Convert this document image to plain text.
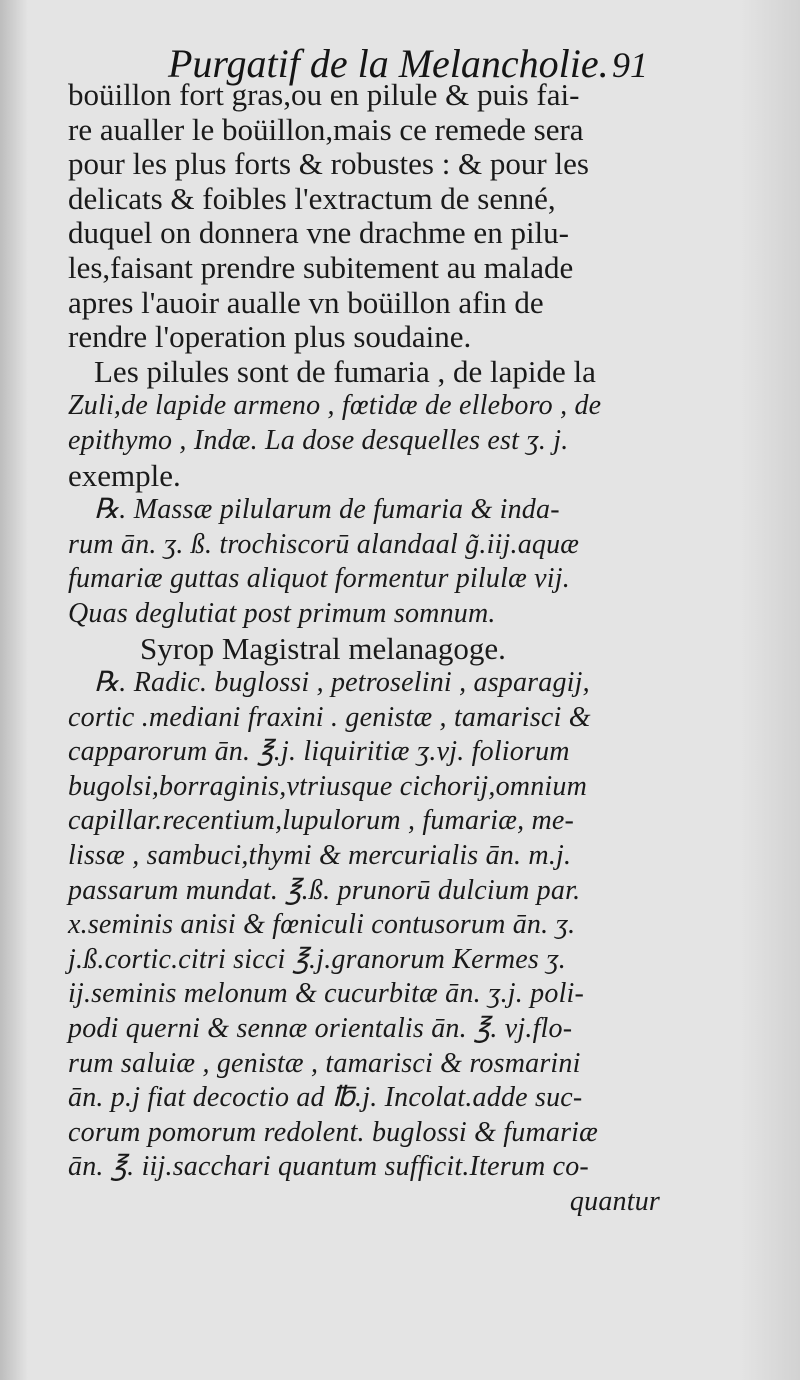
Purgatif de la Melancholie. 91
boüillon fort gras,ou en pilule & puis fai-
re aualler le boüillon,mais ce remede sera
pour les plus forts & robustes : & pour les
delicats & foibles l'extractum de senné,
duquel on donnera vne drachme en pilu-
les,faisant prendre subitement au malade
apres l'auoir aualle vn boüillon afin de
rendre l'operation plus soudaine.
Les pilules sont de fumaria , de lapide la
Zuli,de lapide armeno , fœtidæ de elleboro , de
epithymo , Indæ. La dose desquelles est ʒ. j.
exemple.
℞. Massæ pilularum de fumaria & inda-
rum ān. ʒ. ß. trochiscorū alandaal g̃.iij.aquæ
fumariæ guttas aliquot formentur pilulæ vij.
Quas deglutiat post primum somnum.
Syrop Magistral melanagoge.
℞. Radic. buglossi , petroselini , asparagij,
cortic .mediani fraxini . genistæ , tamarisci &
capparorum ān. ℥.j. liquiritiæ ʒ.vj. foliorum
bugolsi,borraginis,vtriusque cichorij,omnium
capillar.recentium,lupulorum , fumariæ, me-
lissæ , sambuci,thymi & mercurialis ān. m.j.
passarum mundat. ℥.ß. prunorū dulcium par.
x.seminis anisi & fœniculi contusorum ān. ʒ.
j.ß.cortic.citri sicci ℥.j.granorum Kermes ʒ.
ij.seminis melonum & cucurbitæ ān. ʒ.j. poli-
podi querni & sennæ orientalis ān. ℥. vj.flo-
rum saluiæ , genistæ , tamarisci & rosmarini
ān. p.j fiat decoctio ad ℔.j. Incolat.adde suc-
corum pomorum redolent. buglossi & fumariæ
ān. ℥. iij.sacchari quantum sufficit.Iterum co-
quantur
